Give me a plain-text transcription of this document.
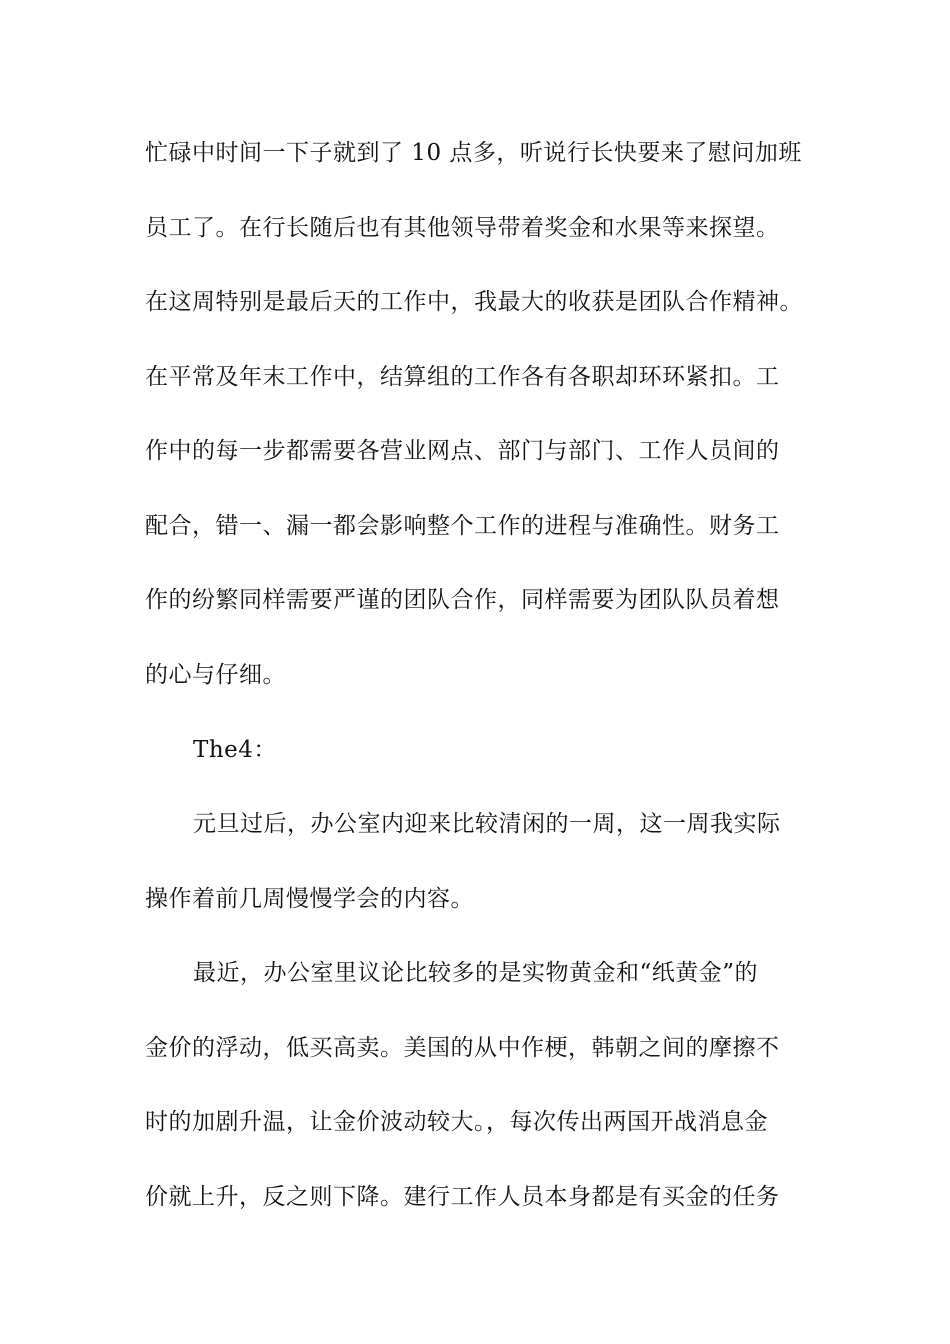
忙碌中时间一下子就到了 10 点多，听说行长快要来了慰问加班
员工了。在行长随后也有其他领导带着奖金和水果等来探望。
在这周特别是最后天的工作中，我最大的收获是团队合作精神。
在平常及年末工作中，结算组的工作各有各职却环环紧扣。工
作中的每一步都需要各营业网点、部门与部门、工作人员间的
配合，错一、漏一都会影响整个工作的进程与准确性。财务工
作的纷繁同样需要严谨的团队合作，同样需要为团队队员着想
的心与仔细。
The4：
元旦过后，办公室内迎来比较清闲的一周，这一周我实际
操作着前几周慢慢学会的内容。
最近，办公室里议论比较多的是实物黄金和“纸黄金”的
金价的浮动，低买高卖。美国的从中作梗，韩朝之间的摩擦不
时的加剧升温，让金价波动较大。，每次传出两国开战消息金
价就上升，反之则下降。建行工作人员本身都是有买金的任务
